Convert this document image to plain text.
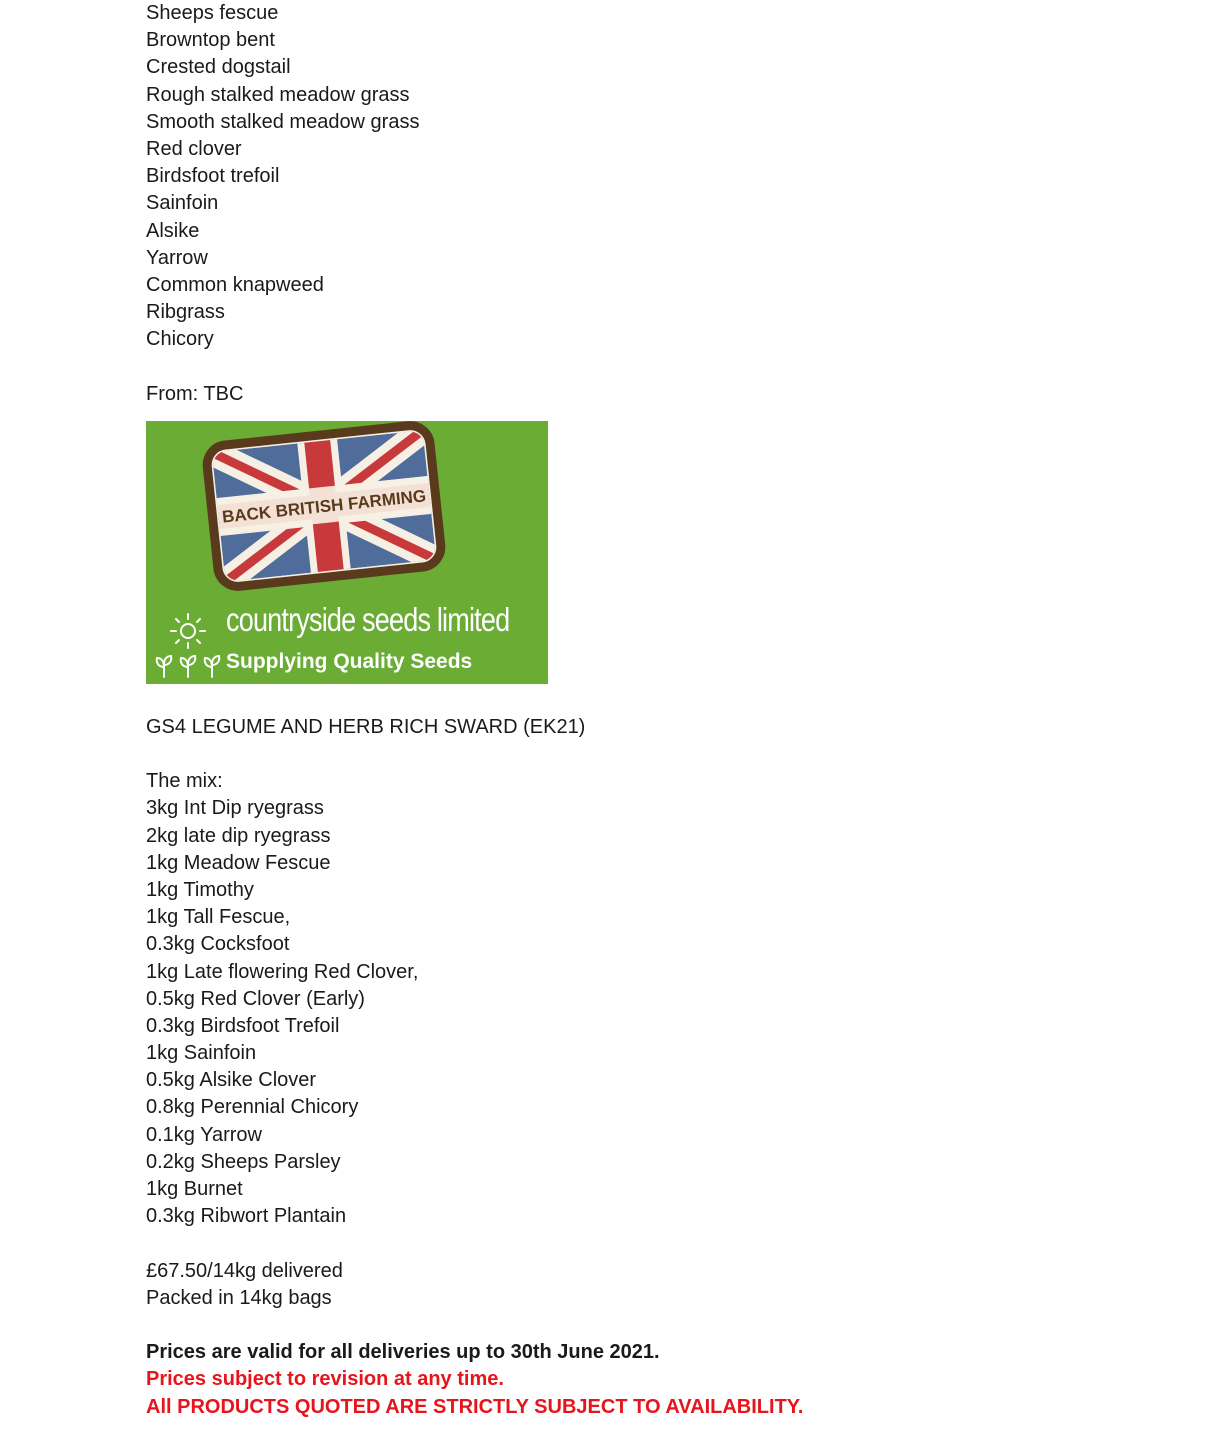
Sheeps fescue
Browntop bent
Crested dogstail
Rough stalked meadow grass
Smooth stalked meadow grass
Red clover
Birdsfoot trefoil
Sainfoin
Alsike
Yarrow
Common knapweed
Ribgrass
Chicory
From: TBC
BACK BRITISH FARMING
countryside seeds limited
Supplying Quality Seeds
GS4 LEGUME AND HERB RICH SWARD (EK21)
The mix:
3kg Int Dip ryegrass
2kg late dip ryegrass
1kg Meadow Fescue
1kg Timothy
1kg Tall Fescue,
0.3kg Cocksfoot
1kg Late flowering Red Clover,
0.5kg Red Clover (Early)
0.3kg Birdsfoot Trefoil
1kg Sainfoin
0.5kg Alsike Clover
0.8kg Perennial Chicory
0.1kg Yarrow
0.2kg Sheeps Parsley
1kg Burnet
0.3kg Ribwort Plantain
£67.50/14kg delivered
Packed in 14kg bags
Prices are valid for all deliveries up to 30th June 2021.
Prices subject to revision at any time.
All PRODUCTS QUOTED ARE STRICTLY SUBJECT TO AVAILABILITY.
